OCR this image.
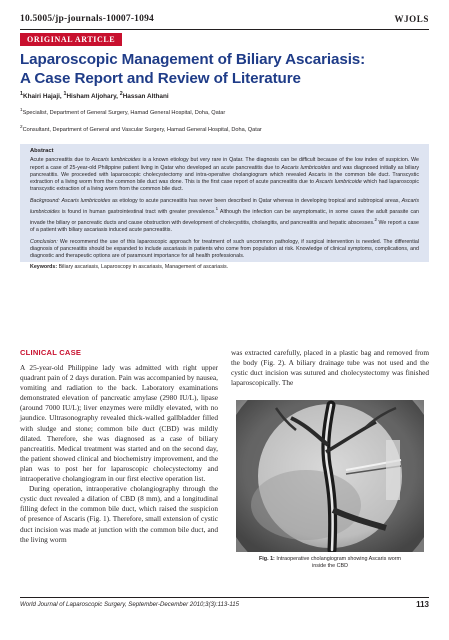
10.5005/jp-journals-10007-1094	WJOLS
ORIGINAL ARTICLE
Laparoscopic Management of Biliary Ascariasis:
A Case Report and Review of Literature
$^1$Khairi Hajaji, $^1$Hisham Aljohary, $^2$Hassan Althani
$^1$Specialist, Department of General Surgery, Hamad General Hospital, Doha, Qatar
$^2$Consultant, Department of General and Vascular Surgery, Hamad General Hospital, Doha, Qatar
Abstract

Acute pancreatitis due to Ascaris lumbricoides is a known etiology but very rare in Qatar. The diagnosis can be difficult because of the low index of suspicion. We report a case of 25-year-old Philippine patient living in Qatar who developed an acute pancreatitis due to Ascaris lumbricoides and was diagnosed initially as biliary pancreatitis. We proceeded with laparoscopic cholecystectomy and intra-operative cholangiogram which revealed Ascaris in the common bile duct. Transcystic extraction of a living worm from the common bile duct was done. This is the first case report of acute pancreatitis due to Ascaris lumbricoide which had laparoscopic transcystic extraction of a living worm from the common bile duct.

Background: Ascaris lumbricoides as etiology to acute pancreatitis has never been described in Qatar whereas in developing tropical and subtropical areas, Ascaris lumbricoides is found in human gastrointestinal tract with greater prevalence.$^1$ Although the infection can be asymptomatic, in some cases the adult parasite can invade the biliary or pancreatic ducts and cause obstruction with development of cholecystitis, cholangitis, and pancreatitis and hepatic abscesses.$^2$ We report a case of a patient with biliary ascariasis induced acute pancreatitis.

Conclusion: We recommend the use of this laparoscopic approach for treatment of such uncommon pathology, if surgical intervention is needed. The differential diagnosis of pancreatitis should be expanded to include ascariasis in patients who come from population at risk. Knowledge of clinical symptoms, complications, and diagnostic and therapeutic options are of paramount importance for all health professionals.

Keywords: Biliary ascariasis, Laparoscopy in ascariasis, Management of ascariasis.

CLINICAL CASE

A 25-year-old Philippine lady was admitted with right upper quadrant pain of 2 days duration. Pain was accompanied by nausea, vomiting and radiation to the back. Laboratory examinations demonstrated elevation of pancreatic amylase (2980 IU/L), lipase (around 7000 IU/L); liver enzymes were mildly elevated, with no jaundice. Ultrasonography revealed thick-walled gallbladder filled with sludge and stone; common bile duct (CBD) was mildly dilated. Therefore, she was diagnosed as a case of biliary pancreatitis. Medical treatment was started and on the second day, the patient showed clinical and biochemistry improvement, and the plan was to post her for laparoscopic cholecystectomy and intraoperative cholangiogram in our first elective operation list.

During operation, intraoperative cholangiography through the cystic duct revealed a dilation of CBD (8 mm), and a longitudinal filling defect in the common bile duct, which raised the suspicion of presence of Ascaris (Fig. 1). Therefore, small extension of cystic duct incision was made at junction with the common bile duct, and the living worm

was extracted carefully, placed in a plastic bag and removed from the body (Fig. 2). A biliary drainage tube was not used and the cystic duct incision was sutured and cholecystectomy was finished laparoscopically. The

Fig. 1: Intraoperative cholangiogram showing Ascaris worm
inside the CBD
World Journal of Laparoscopic Surgery, September-December 2010;3(3):113-115	113
